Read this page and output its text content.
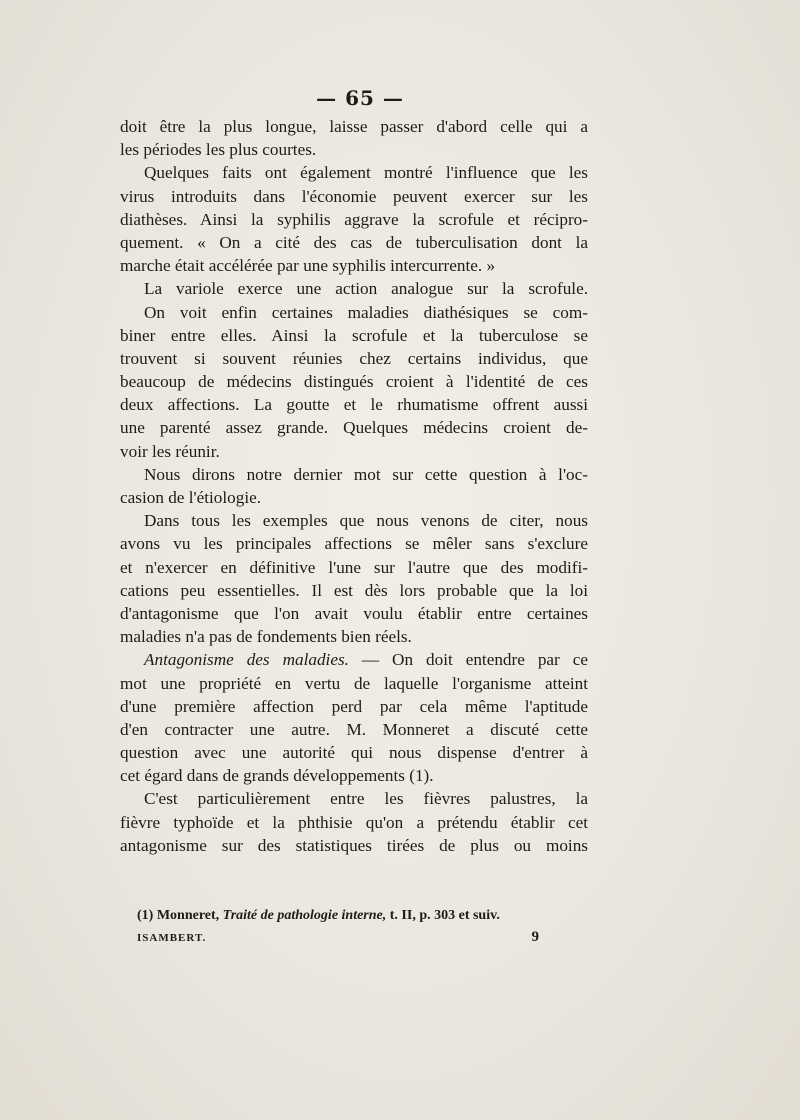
— 65 —
doit être la plus longue, laisse passer d'abord celle qui a
les périodes les plus courtes.
Quelques faits ont également montré l'influence que les
virus introduits dans l'économie peuvent exercer sur les
diathèses. Ainsi la syphilis aggrave la scrofule et récipro-
quement. « On a cité des cas de tuberculisation dont la
marche était accélérée par une syphilis intercurrente. »
La variole exerce une action analogue sur la scrofule.
On voit enfin certaines maladies diathésiques se com-
biner entre elles. Ainsi la scrofule et la tuberculose se
trouvent si souvent réunies chez certains individus, que
beaucoup de médecins distingués croient à l'identité de ces
deux affections. La goutte et le rhumatisme offrent aussi
une parenté assez grande. Quelques médecins croient de-
voir les réunir.
Nous dirons notre dernier mot sur cette question à l'oc-
casion de l'étiologie.
Dans tous les exemples que nous venons de citer, nous
avons vu les principales affections se mêler sans s'exclure
et n'exercer en définitive l'une sur l'autre que des modifi-
cations peu essentielles. Il est dès lors probable que la loi
d'antagonisme que l'on avait voulu établir entre certaines
maladies n'a pas de fondements bien réels.
Antagonisme des maladies. — On doit entendre par ce
mot une propriété en vertu de laquelle l'organisme atteint
d'une première affection perd par cela même l'aptitude
d'en contracter une autre. M. Monneret a discuté cette
question avec une autorité qui nous dispense d'entrer à
cet égard dans de grands développements (1).
C'est particulièrement entre les fièvres palustres, la
fièvre typhoïde et la phthisie qu'on a prétendu établir cet
antagonisme sur des statistiques tirées de plus ou moins
(1) Monneret, Traité de pathologie interne, t. II, p. 303 et suiv.
ISAMBERT.	9
